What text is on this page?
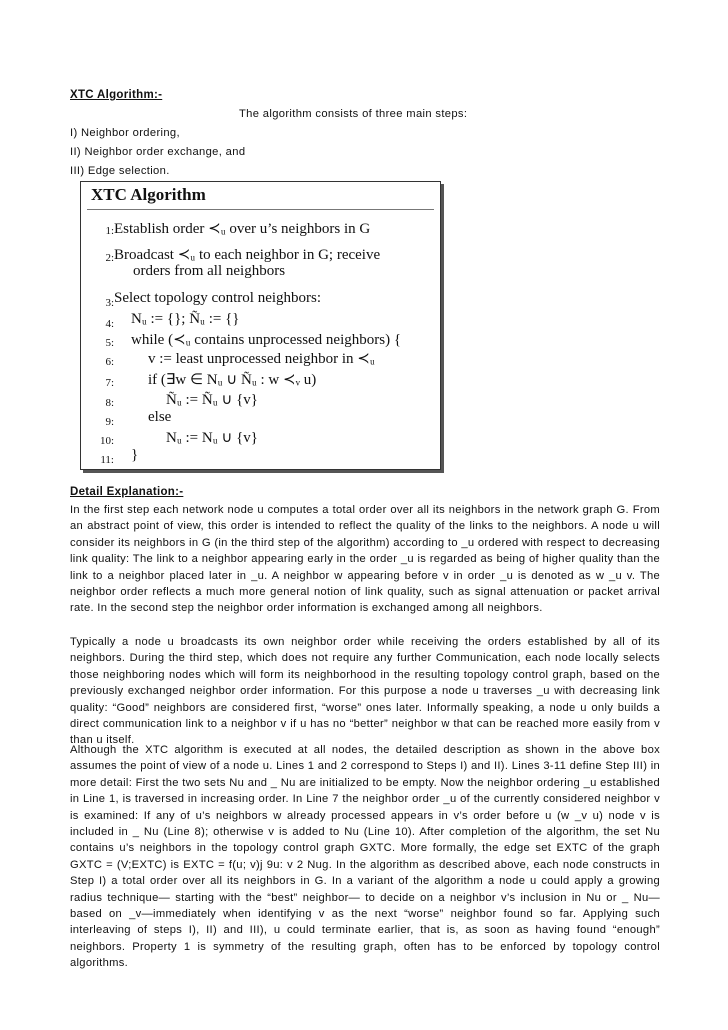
XTC Algorithm:-
The algorithm consists of three main steps:
I) Neighbor ordering,
II) Neighbor order exchange, and
III) Edge selection.
XTC Algorithm
1: Establish order ≺ᵤ over u’s neighbors in G
2: Broadcast ≺ᵤ to each neighbor in G; receive
orders from all neighbors
3: Select topology control neighbors:
4: Nᵤ := {}; Ñᵤ := {}
5: while (≺ᵤ contains unprocessed neighbors) {
6: v := least unprocessed neighbor in ≺ᵤ
7: if (∃w ∈ Nᵤ ∪ Ñᵤ : w ≺ᵥ u)
8:	Ñᵤ := Ñᵤ ∪ {v}
9: else
10:	Nᵤ := Nᵤ ∪ {v}
11: }
Detail Explanation:-
In the first step each network node u computes a total order over all its neighbors in the network graph G. From an abstract point of view, this order is intended to reflect the quality of the links to the neighbors. A node u will consider its neighbors in G (in the third step of the algorithm) according to _u ordered with respect to decreasing link quality: The link to a neighbor appearing early in the order _u is regarded as being of higher quality than the link to a neighbor placed later in _u. A neighbor w appearing before v in order _u is denoted as w _u v. The neighbor order reflects a much more general notion of link quality, such as signal attenuation or packet arrival rate. In the second step the neighbor order information is exchanged among all neighbors.
Typically a node u broadcasts its own neighbor order while receiving the orders established by all of its neighbors. During the third step, which does not require any further Communication, each node locally selects those neighboring nodes which will form its neighborhood in the resulting topology control graph, based on the previously exchanged neighbor order information. For this purpose a node u traverses _u with decreasing link quality: “Good” neighbors are considered first, “worse” ones later. Informally speaking, a node u only builds a direct communication link to a neighbor v if u has no “better” neighbor w that can be reached more easily from v than u itself.
Although the XTC algorithm is executed at all nodes, the detailed description as shown in the above box assumes the point of view of a node u. Lines 1 and 2 correspond to Steps I) and II). Lines 3-11 define Step III) in more detail: First the two sets Nu and _ Nu are initialized to be empty. Now the neighbor ordering _u established in Line 1, is traversed in increasing order. In Line 7 the neighbor order _u of the currently considered neighbor v is examined: If any of u’s neighbors w already processed appears in v’s order before u (w _v u) node v is included in _ Nu (Line 8); otherwise v is added to Nu (Line 10). After completion of the algorithm, the set Nu contains u’s neighbors in the topology control graph GXTC. More formally, the edge set EXTC of the graph GXTC = (V;EXTC) is EXTC = f(u; v)j 9u: v 2 Nug. In the algorithm as described above, each node constructs in Step I) a total order over all its neighbors in G. In a variant of the algorithm a node u could apply a growing radius technique— starting with the “best” neighbor— to decide on a neighbor v’s inclusion in Nu or _ Nu—based on _v—immediately when identifying v as the next “worse” neighbor found so far. Applying such interleaving of steps I), II) and III), u could terminate earlier, that is, as soon as having found “enough” neighbors. Property 1 is symmetry of the resulting graph, often has to be enforced by topology control algorithms.
